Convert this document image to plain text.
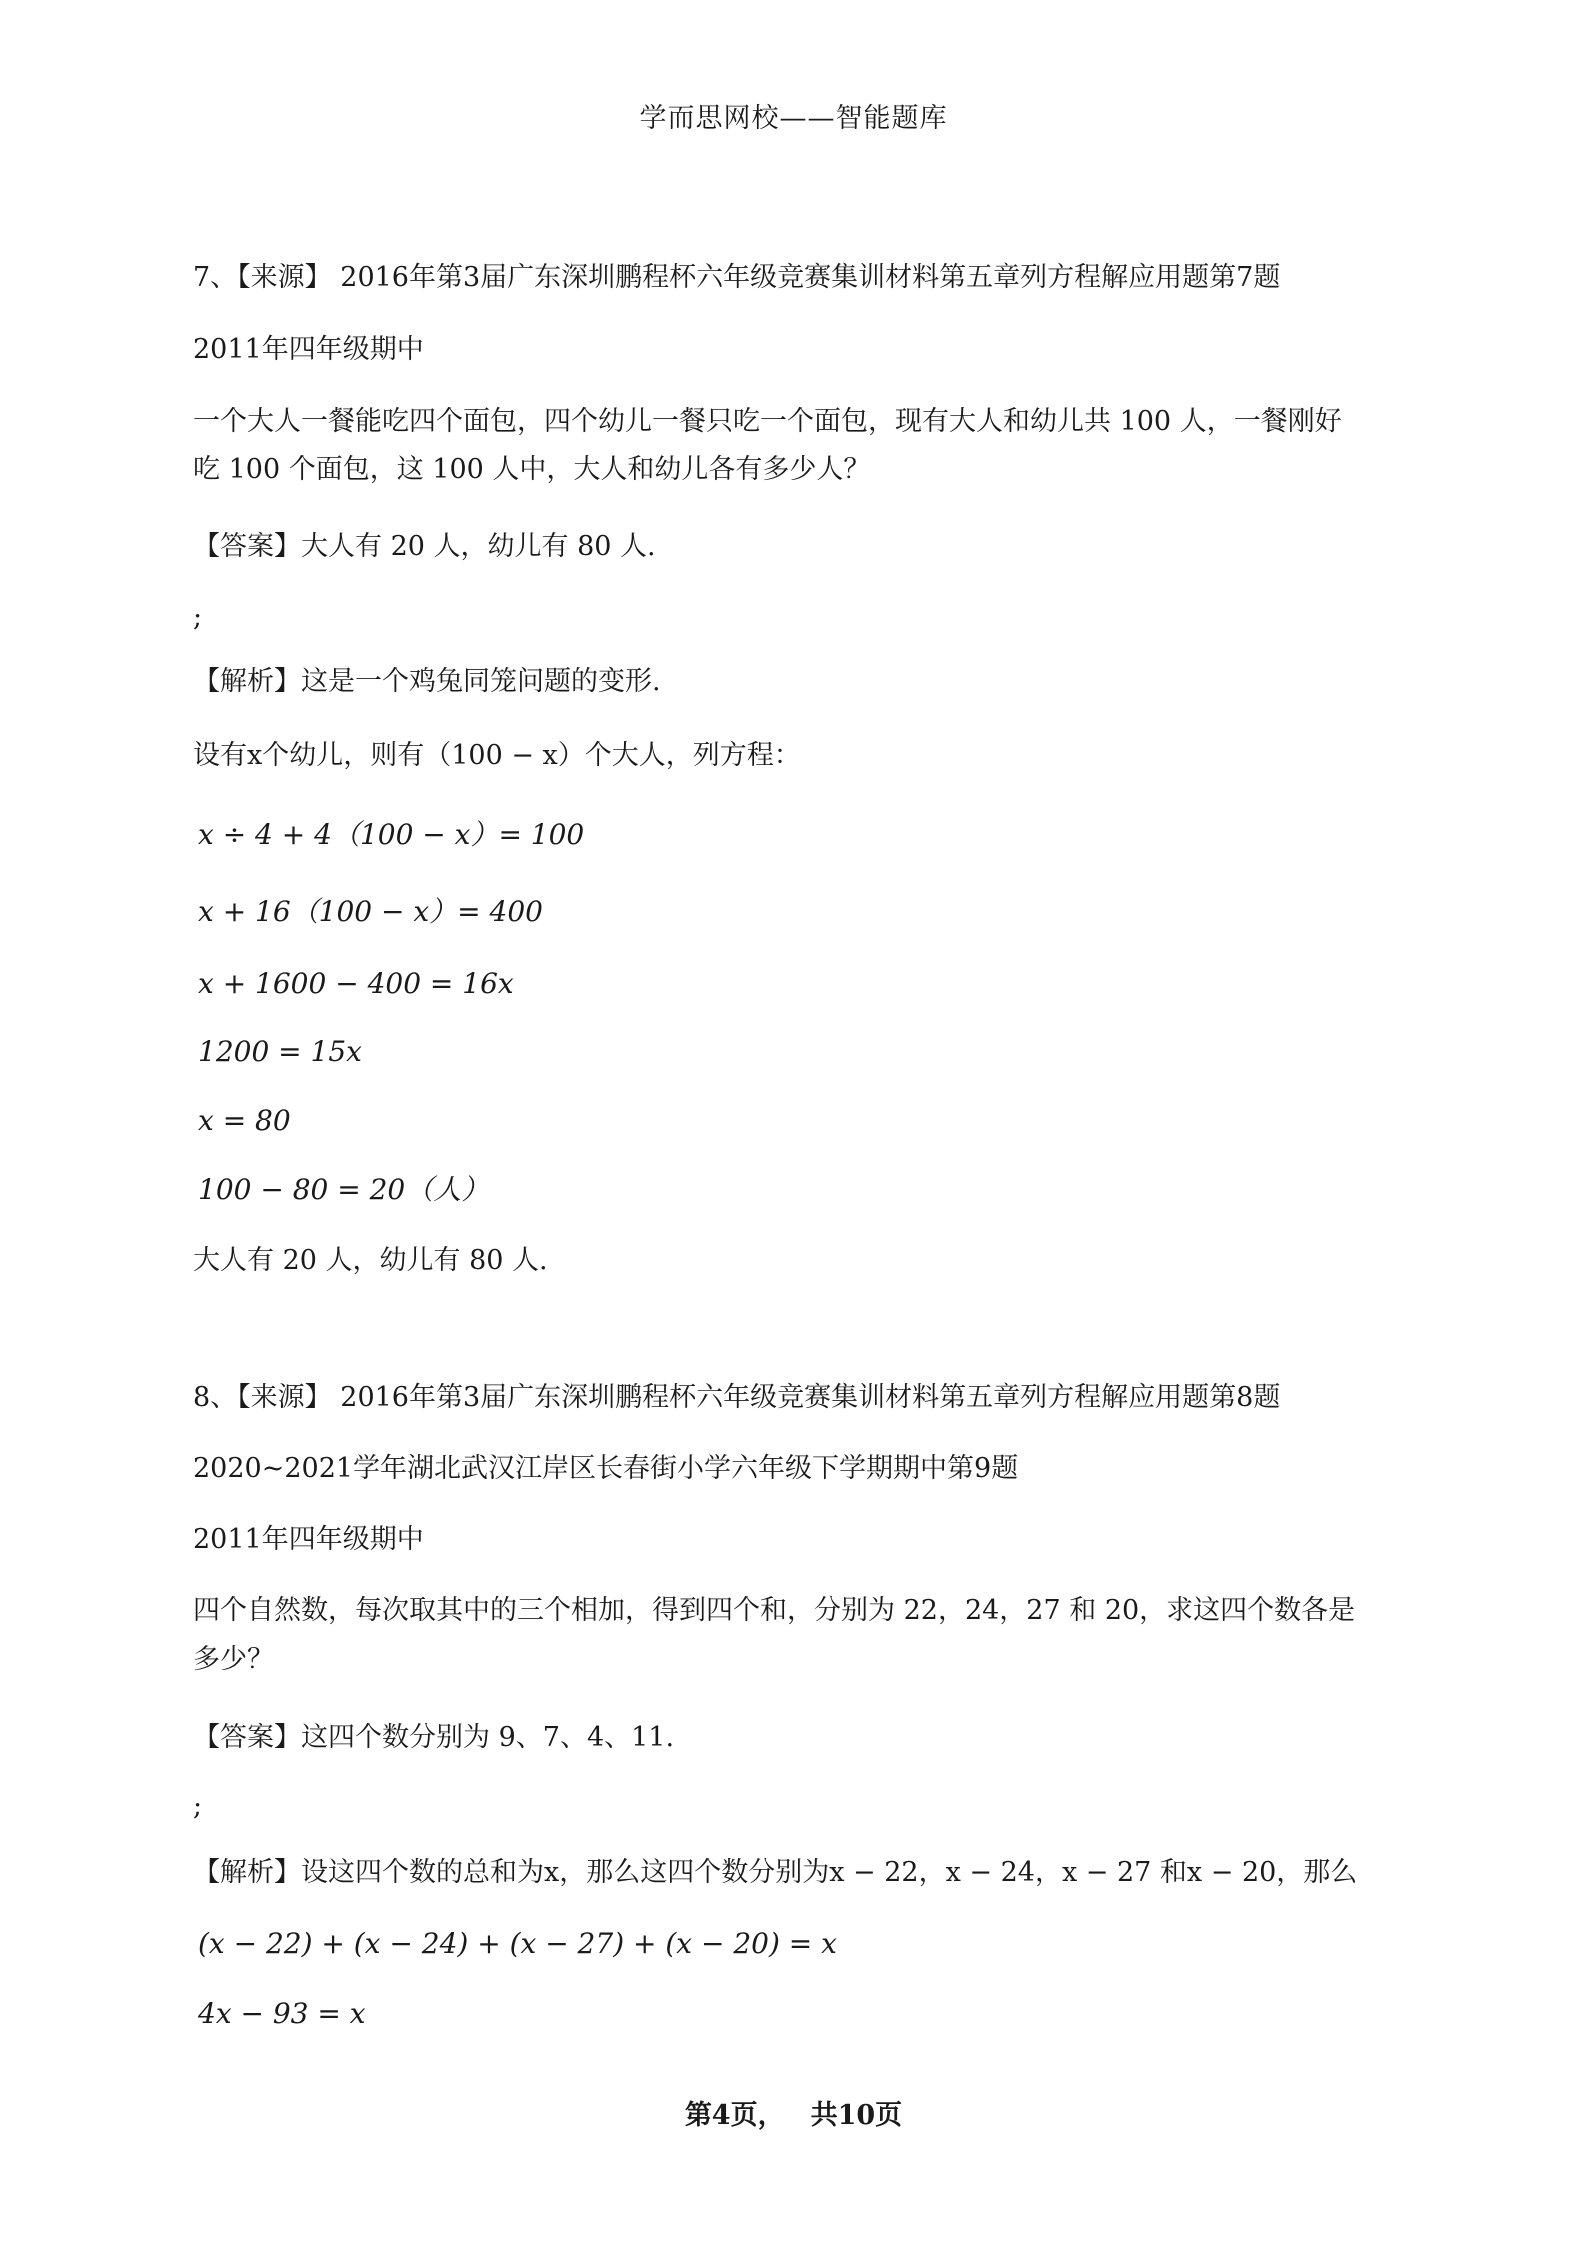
学而思网校——智能题库
7、【来源】 2016年第3届广东深圳鹏程杯六年级竞赛集训材料第五章列方程解应用题第7题
2011年四年级期中
一个大人一餐能吃四个面包，四个幼儿一餐只吃一个面包，现有大人和幼儿共 100 人，一餐刚好
吃 100 个面包，这 100 人中，大人和幼儿各有多少人？
【答案】大人有 20 人，幼儿有 80 人.
;
【解析】这是一个鸡兔同笼问题的变形.
设有x个幼儿，则有（100 − x）个大人，列方程：
x ÷ 4 + 4（100 − x）= 100
x + 16（100 − x）= 400
x + 1600 − 400 = 16x
1200 = 15x
x = 80
100 − 80 = 20（人）
大人有 20 人，幼儿有 80 人.
8、【来源】 2016年第3届广东深圳鹏程杯六年级竞赛集训材料第五章列方程解应用题第8题
2020~2021学年湖北武汉江岸区长春街小学六年级下学期期中第9题
2011年四年级期中
四个自然数，每次取其中的三个相加，得到四个和，分别为 22，24，27 和 20，求这四个数各是
多少？
【答案】这四个数分别为 9、7、4、11.
;
【解析】设这四个数的总和为x，那么这四个数分别为x − 22，x − 24，x − 27 和x − 20，那么
(x − 22) + (x − 24) + (x − 27) + (x − 20) = x
4x − 93 = x
第4页， 共10页
